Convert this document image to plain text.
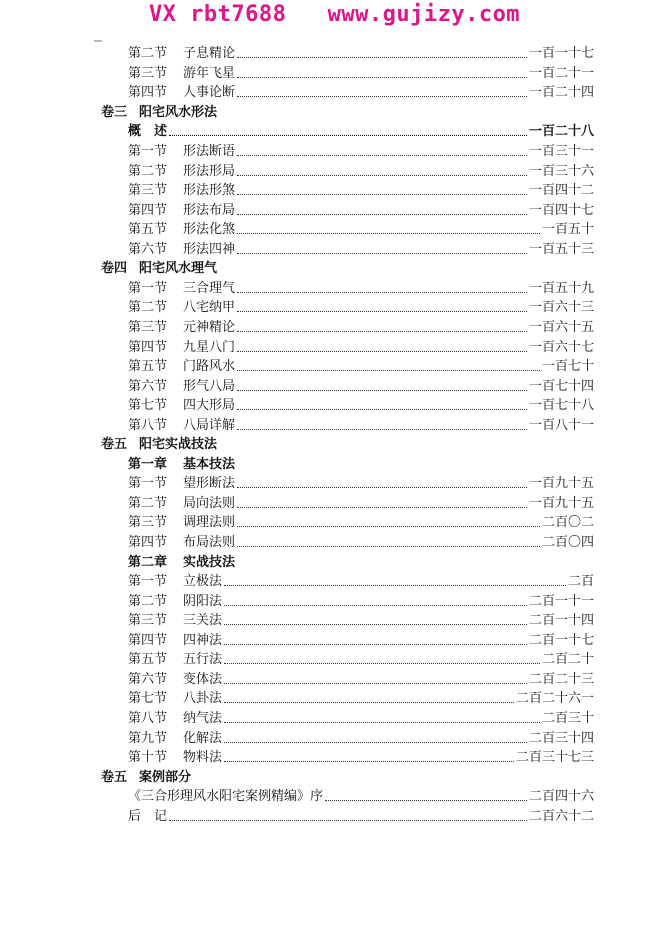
VX rbt7688   www.gujizy.com
第二节	子息精论	一百一十七
第三节	游年飞星	一百二十一
第四节	人事论断	一百二十四
卷三 阳宅风水形法
概　述	一百二十八
第一节	形法断语	一百三十一
第二节	形法形局	一百三十六
第三节	形法形煞	一百四十二
第四节	形法布局	一百四十七
第五节	形法化煞	一百五十
第六节	形法四神	一百五十三
卷四 阳宅风水理气
第一节	三合理气	一百五十九
第二节	八宅纳甲	一百六十三
第三节	元神精论	一百六十五
第四节	九星八门	一百六十七
第五节	门路风水	一百七十
第六节	形气八局	一百七十四
第七节	四大形局	一百七十八
第八节	八局详解	一百八十一
卷五 阳宅实战技法
第一章	基本技法
第一节	望形断法	一百九十五
第二节	局向法则	一百九十五
第三节	调理法则	二百〇二
第四节	布局法则	二百〇四
第二章	实战技法
第一节	立极法	二百
第二节	阴阳法	二百一十一
第三节	三关法	二百一十四
第四节	四神法	二百一十七
第五节	五行法	二百二十
第六节	变体法	二百二十三
第七节	八卦法	二百二十六一
第八节	纳气法	二百三十
第九节	化解法	二百三十四
第十节	物料法	二百三十七三
卷五 案例部分
《三合形理风水阳宅案例精编》序	二百四十六
后　记	二百六十二
